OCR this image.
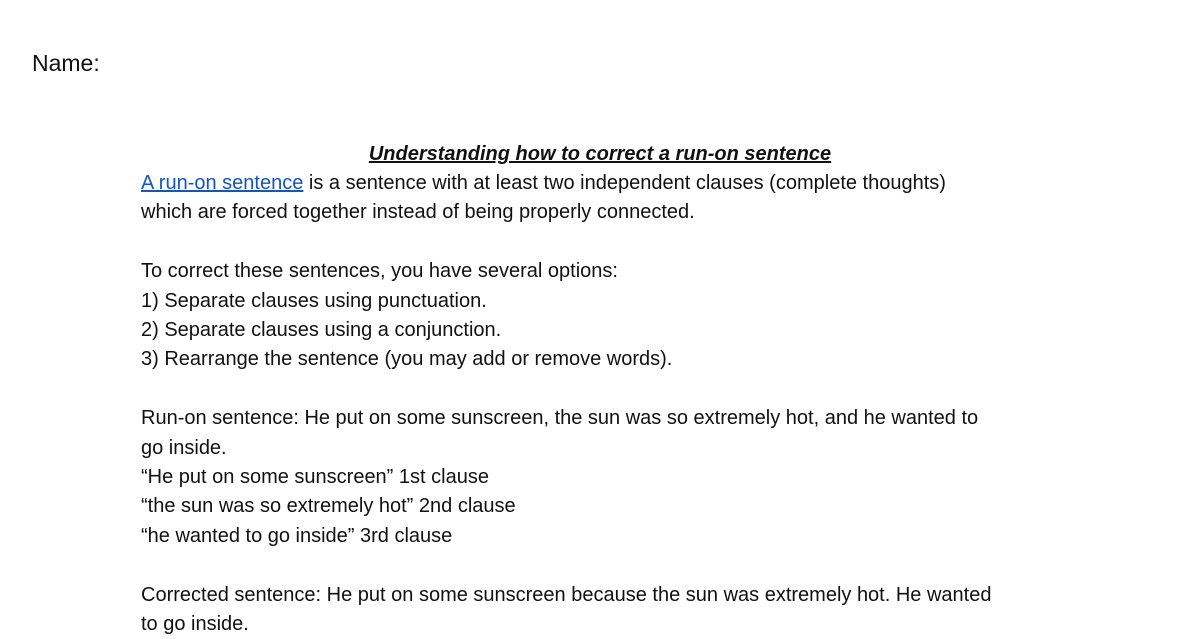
Name:
Understanding how to correct a run-on sentence
A run-on sentence is a sentence with at least two independent clauses (complete thoughts)
which are forced together instead of being properly connected.
To correct these sentences, you have several options:
1) Separate clauses using punctuation.
2) Separate clauses using a conjunction.
3) Rearrange the sentence (you may add or remove words).
Run-on sentence: He put on some sunscreen, the sun was so extremely hot, and he wanted to
go inside.
“He put on some sunscreen” 1st clause
“the sun was so extremely hot” 2nd clause
“he wanted to go inside” 3rd clause
Corrected sentence: He put on some sunscreen because the sun was extremely hot. He wanted
to go inside.
